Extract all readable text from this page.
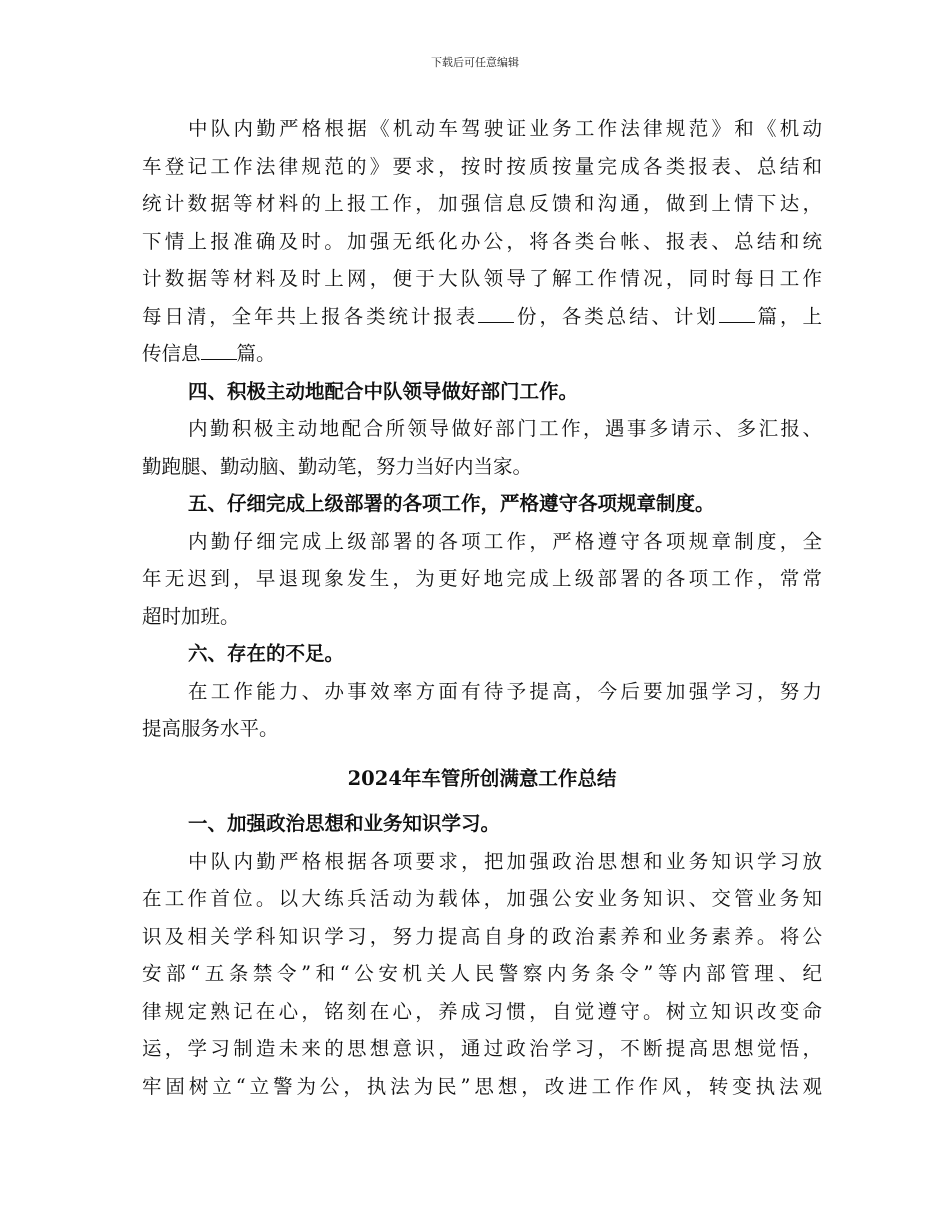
下载后可任意编辑
中队内勤严格根据《机动车驾驶证业务工作法律规范》和《机动
车登记工作法律规范的》要求，按时按质按量完成各类报表、总结和
统计数据等材料的上报工作，加强信息反馈和沟通，做到上情下达，
下情上报准确及时。加强无纸化办公，将各类台帐、报表、总结和统
计数据等材料及时上网，便于大队领导了解工作情况，同时每日工作
每日清，全年共上报各类统计报表 份，各类总结、计划 篇，上
传信息 篇。
四、积极主动地配合中队领导做好部门工作。
内勤积极主动地配合所领导做好部门工作，遇事多请示、多汇报、
勤跑腿、勤动脑、勤动笔，努力当好内当家。
五、仔细完成上级部署的各项工作，严格遵守各项规章制度。
内勤仔细完成上级部署的各项工作，严格遵守各项规章制度，全
年无迟到，早退现象发生，为更好地完成上级部署的各项工作，常常
超时加班。
六、存在的不足。
在工作能力、办事效率方面有待予提高，今后要加强学习，努力
提高服务水平。
2024年车管所创满意工作总结
一、加强政治思想和业务知识学习。
中队内勤严格根据各项要求，把加强政治思想和业务知识学习放
在工作首位。以大练兵活动为载体，加强公安业务知识、交管业务知
识及相关学科知识学习，努力提高自身的政治素养和业务素养。将公
安部“五条禁令”和“公安机关人民警察内务条令”等内部管理、纪
律规定熟记在心，铭刻在心，养成习惯，自觉遵守。树立知识改变命
运，学习制造未来的思想意识，通过政治学习，不断提高思想觉悟，
牢固树立“立警为公，执法为民”思想，改进工作作风，转变执法观
